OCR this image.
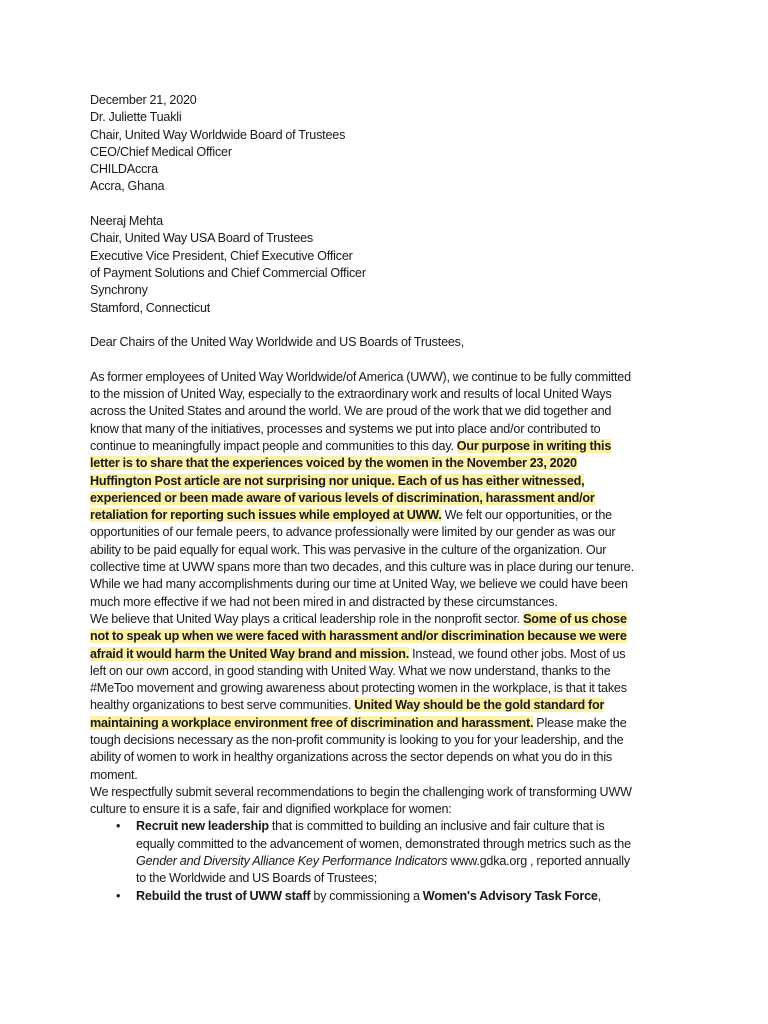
December 21, 2020
Dr. Juliette Tuakli
Chair, United Way Worldwide Board of Trustees
CEO/Chief Medical Officer
CHILDAccra
Accra, Ghana
Neeraj Mehta
Chair, United Way USA Board of Trustees
Executive Vice President, Chief Executive Officer
of Payment Solutions and Chief Commercial Officer
Synchrony
Stamford, Connecticut
Dear Chairs of the United Way Worldwide and US Boards of Trustees,

As former employees of United Way Worldwide/of America (UWW), we continue to be fully committed to the mission of United Way, especially to the extraordinary work and results of local United Ways across the United States and around the world. We are proud of the work that we did together and know that many of the initiatives, processes and systems we put into place and/or contributed to continue to meaningfully impact people and communities to this day. Our purpose in writing this letter is to share that the experiences voiced by the women in the November 23, 2020 Huffington Post article are not surprising nor unique. Each of us has either witnessed, experienced or been made aware of various levels of discrimination, harassment and/or retaliation for reporting such issues while employed at UWW. We felt our opportunities, or the opportunities of our female peers, to advance professionally were limited by our gender as was our ability to be paid equally for equal work. This was pervasive in the culture of the organization. Our collective time at UWW spans more than two decades, and this culture was in place during our tenure. While we had many accomplishments during our time at United Way, we believe we could have been much more effective if we had not been mired in and distracted by these circumstances.

We believe that United Way plays a critical leadership role in the nonprofit sector. Some of us chose not to speak up when we were faced with harassment and/or discrimination because we were afraid it would harm the United Way brand and mission. Instead, we found other jobs. Most of us left on our own accord, in good standing with United Way. What we now understand, thanks to the #MeToo movement and growing awareness about protecting women in the workplace, is that it takes healthy organizations to best serve communities. United Way should be the gold standard for maintaining a workplace environment free of discrimination and harassment. Please make the tough decisions necessary as the non-profit community is looking to you for your leadership, and the ability of women to work in healthy organizations across the sector depends on what you do in this moment.

We respectfully submit several recommendations to begin the challenging work of transforming UWW culture to ensure it is a safe, fair and dignified workplace for women:

• Recruit new leadership that is committed to building an inclusive and fair culture that is equally committed to the advancement of women, demonstrated through metrics such as the Gender and Diversity Alliance Key Performance Indicators www.gdka.org , reported annually to the Worldwide and US Boards of Trustees;
• Rebuild the trust of UWW staff by commissioning a Women's Advisory Task Force,
